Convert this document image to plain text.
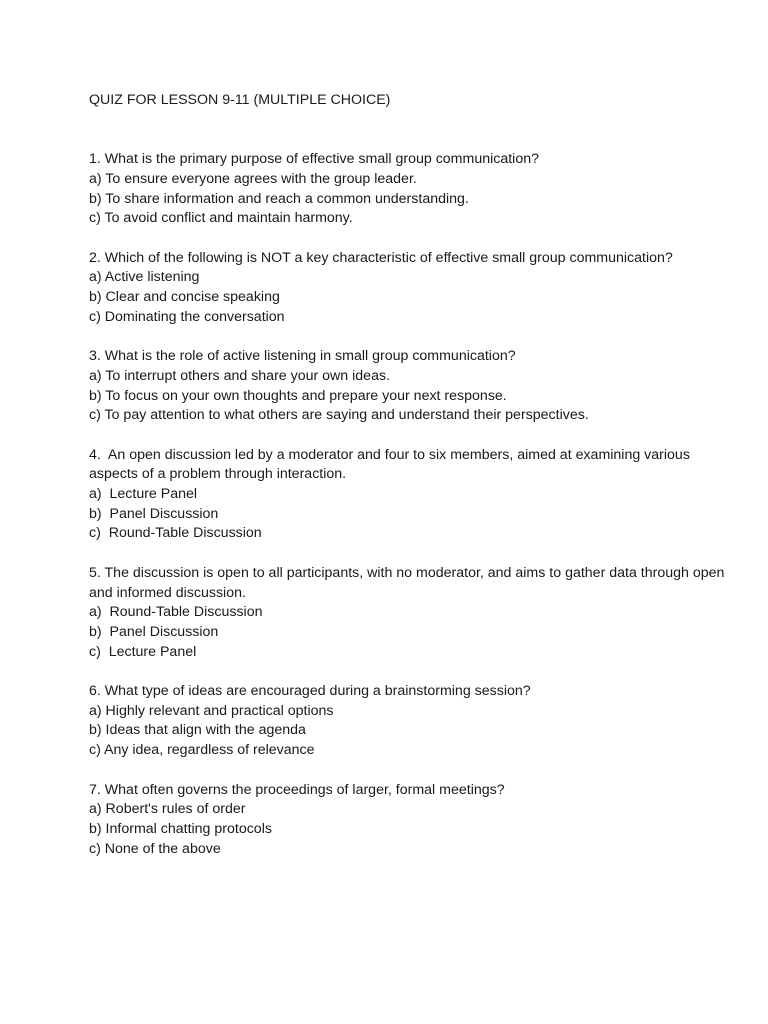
QUIZ FOR LESSON 9-11 (MULTIPLE CHOICE)
1. What is the primary purpose of effective small group communication?
a) To ensure everyone agrees with the group leader.
b) To share information and reach a common understanding.
c) To avoid conflict and maintain harmony.
2. Which of the following is NOT a key characteristic of effective small group communication?
a) Active listening
b) Clear and concise speaking
c) Dominating the conversation
3. What is the role of active listening in small group communication?
a) To interrupt others and share your own ideas.
b) To focus on your own thoughts and prepare your next response.
c) To pay attention to what others are saying and understand their perspectives.
4.  An open discussion led by a moderator and four to six members, aimed at examining various aspects of a problem through interaction.
a)  Lecture Panel
b)  Panel Discussion
c)  Round-Table Discussion
5. The discussion is open to all participants, with no moderator, and aims to gather data through open and informed discussion.
a)  Round-Table Discussion
b)  Panel Discussion
c)  Lecture Panel
6. What type of ideas are encouraged during a brainstorming session?
a) Highly relevant and practical options
b) Ideas that align with the agenda
c) Any idea, regardless of relevance
7. What often governs the proceedings of larger, formal meetings?
a) Robert's rules of order
b) Informal chatting protocols
c) None of the above
